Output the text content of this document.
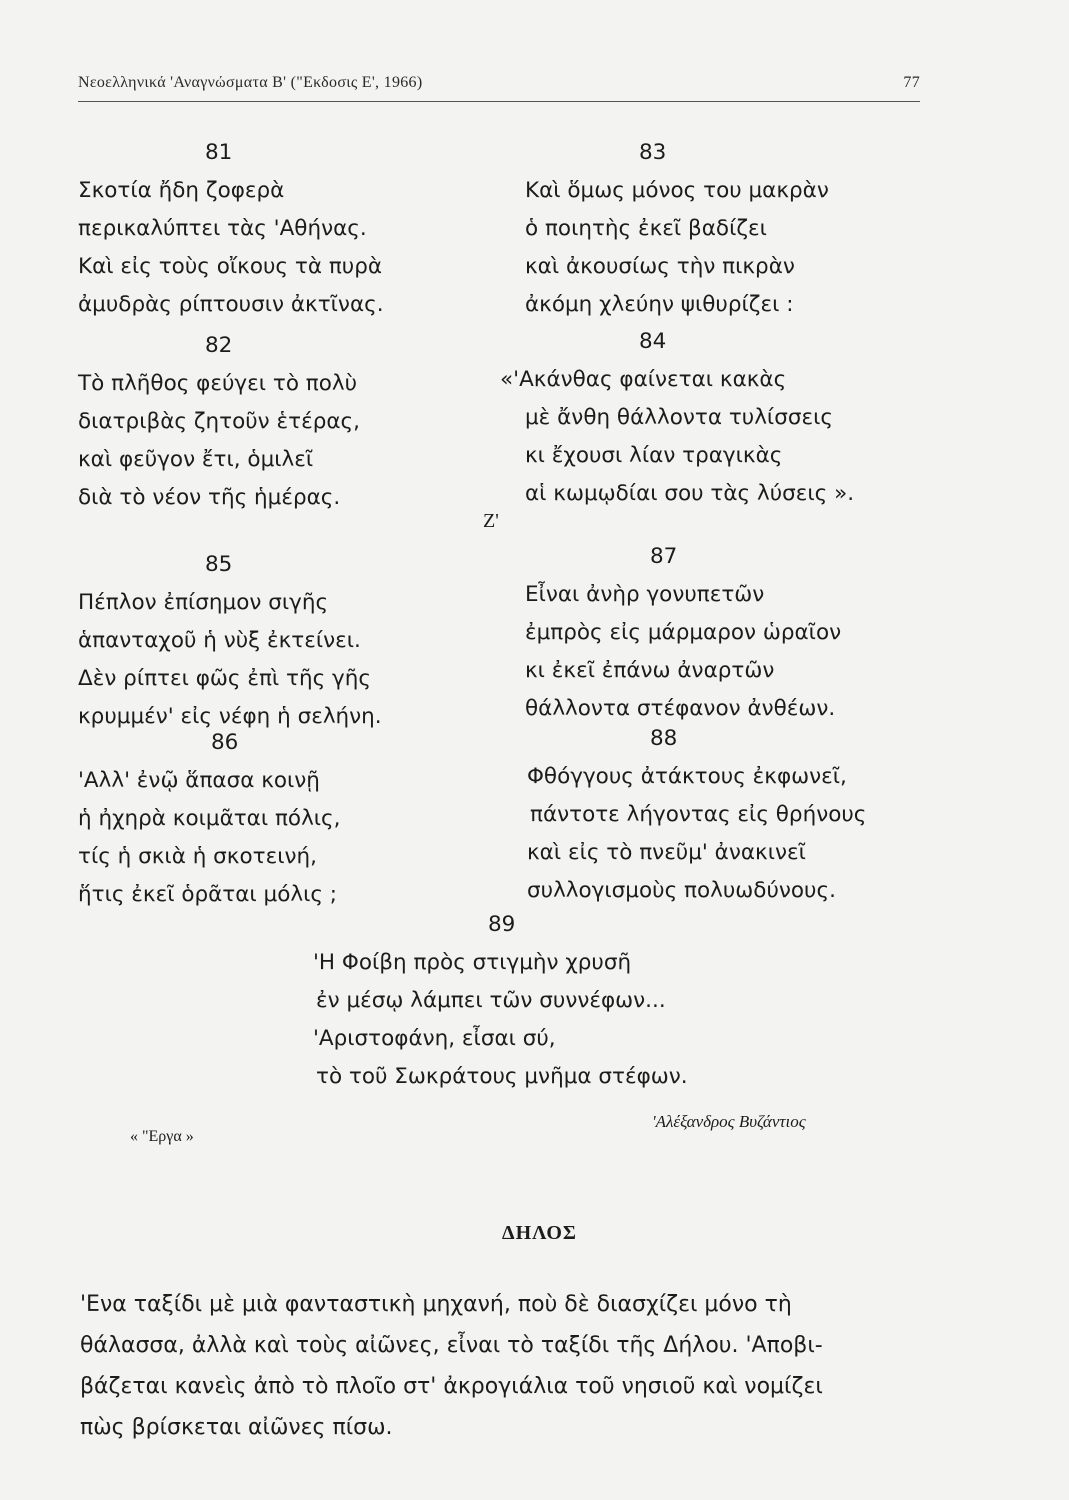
Νεοελληνικά 'Αναγνώσματα Β' ("Εκδοσις Ε', 1966)	77
81
Σκοτία ἤδη ζοφερὰ
περικαλύπτει τὰς 'Αθήνας.
Καὶ εἰς τοὺς οἴκους τὰ πυρὰ
ἀμυδρὰς ρίπτουσιν ἀκτῖνας.
82
Τὸ πλῆθος φεύγει τὸ πολὺ
διατριβὰς ζητοῦν ἑτέρας,
καὶ φεῦγον ἔτι, ὁμιλεῖ
διὰ τὸ νέον τῆς ἡμέρας.
83
Καὶ ὅμως μόνος του μακρὰν
ὁ ποιητὴς ἐκεῖ βαδίζει
καὶ ἀκουσίως τὴν πικρὰν
ἀκόμη χλεύην ψιθυρίζει :
84
«'Ακάνθας φαίνεται κακὰς
μὲ ἄνθη θάλλοντα τυλίσσεις
κι ἔχουσι λίαν τραγικὰς
αἱ κωμῳδίαι σου τὰς λύσεις ».
Ζ'
85
Πέπλον ἐπίσημον σιγῆς
ἁπανταχοῦ ἡ νὺξ ἐκτείνει.
Δὲν ρίπτει φῶς ἐπὶ τῆς γῆς
κρυμμέν' εἰς νέφη ἡ σελήνη.
86
'Αλλ' ἐνῷ ἅπασα κοινῇ
ἡ ἠχηρὰ κοιμᾶται πόλις,
τίς ἡ σκιὰ ἡ σκοτεινή,
ἥτις ἐκεῖ ὁρᾶται μόλις ;
87
Εἶναι ἀνὴρ γονυπετῶν
ἐμπρὸς εἰς μάρμαρον ὡραῖον
κι ἐκεῖ ἐπάνω ἀναρτῶν
θάλλοντα στέφανον ἀνθέων.
88
Φθόγγους ἀτάκτους ἐκφωνεῖ,
πάντοτε λήγοντας εἰς θρήνους
καὶ εἰς τὸ πνεῦμ' ἀνακινεῖ
συλλογισμοὺς πολυωδύνους.
89
'Η Φοίβη πρὸς στιγμὴν χρυσῆ
ἐν μέσῳ λάμπει τῶν συννέφων...
'Αριστοφάνη, εἶσαι σύ,
τὸ τοῦ Σωκράτους μνῆμα στέφων.
« "Εργα »
'Αλέξανδρος Βυζάντιος
ΔΗΛΟΣ
'Ενα ταξίδι μὲ μιὰ φανταστικὴ μηχανή, ποὺ δὲ διασχίζει μόνο τὴ
θάλασσα, ἀλλὰ καὶ τοὺς αἰῶνες, εἶναι τὸ ταξίδι τῆς Δήλου. 'Αποβι-
βάζεται κανεὶς ἀπὸ τὸ πλοῖο στ' ἀκρογιάλια τοῦ νησιοῦ καὶ νομίζει
πὼς βρίσκεται αἰῶνες πίσω.
